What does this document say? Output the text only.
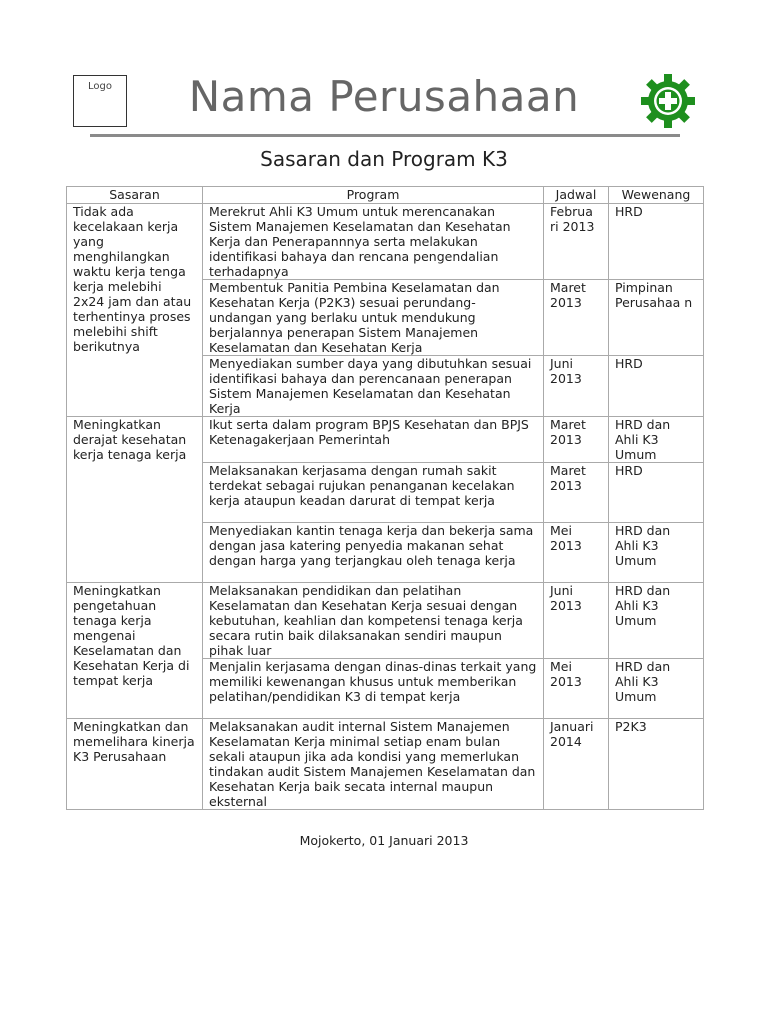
Logo	Nama Perusahaan
Sasaran dan Program K3
Sasaran	Program	Jadwal	Wewenang
Tidak ada kecelakaan kerja yang menghilangkan waktu kerja tenga kerja melebihi 2x24 jam dan atau terhentinya proses melebihi shift berikutnya	Merekrut Ahli K3 Umum untuk merencanakan Sistem Manajemen Keselamatan dan Kesehatan Kerja dan Penerapannnya serta melakukan identifikasi bahaya dan rencana pengendalian terhadapnya	Februa ri 2013	HRD
	Membentuk Panitia Pembina Keselamatan dan Kesehatan Kerja (P2K3) sesuai perundang-undangan yang berlaku untuk mendukung berjalannya penerapan Sistem Manajemen Keselamatan dan Kesehatan Kerja	Maret 2013	Pimpinan Perusahaa n
	Menyediakan sumber daya yang dibutuhkan sesuai identifikasi bahaya dan perencanaan penerapan Sistem Manajemen Keselamatan dan Kesehatan Kerja	Juni 2013	HRD
Meningkatkan derajat kesehatan kerja tenaga kerja	Ikut serta dalam program BPJS Kesehatan dan BPJS Ketenagakerjaan Pemerintah	Maret 2013	HRD dan Ahli K3 Umum
	Melaksanakan kerjasama dengan rumah sakit terdekat sebagai rujukan penanganan kecelakan kerja ataupun keadan darurat di tempat kerja	Maret 2013	HRD
	Menyediakan kantin tenaga kerja dan bekerja sama dengan jasa katering penyedia makanan sehat dengan harga yang terjangkau oleh tenaga kerja	Mei 2013	HRD dan Ahli K3 Umum
Meningkatkan pengetahuan tenaga kerja mengenai Keselamatan dan Kesehatan Kerja di tempat kerja	Melaksanakan pendidikan dan pelatihan Keselamatan dan Kesehatan Kerja sesuai dengan kebutuhan, keahlian dan kompetensi tenaga kerja secara rutin baik dilaksanakan sendiri maupun pihak luar	Juni 2013	HRD dan Ahli K3 Umum
	Menjalin kerjasama dengan dinas-dinas terkait yang memiliki kewenangan khusus untuk memberikan pelatihan/pendidikan K3 di tempat kerja	Mei 2013	HRD dan Ahli K3 Umum
Meningkatkan dan memelihara kinerja K3 Perusahaan	Melaksanakan audit internal Sistem Manajemen Keselamatan Kerja minimal setiap enam bulan sekali ataupun jika ada kondisi yang memerlukan tindakan audit Sistem Manajemen Keselamatan dan Kesehatan Kerja baik secata internal maupun eksternal	Januari 2014	P2K3
Mojokerto, 01 Januari 2013
